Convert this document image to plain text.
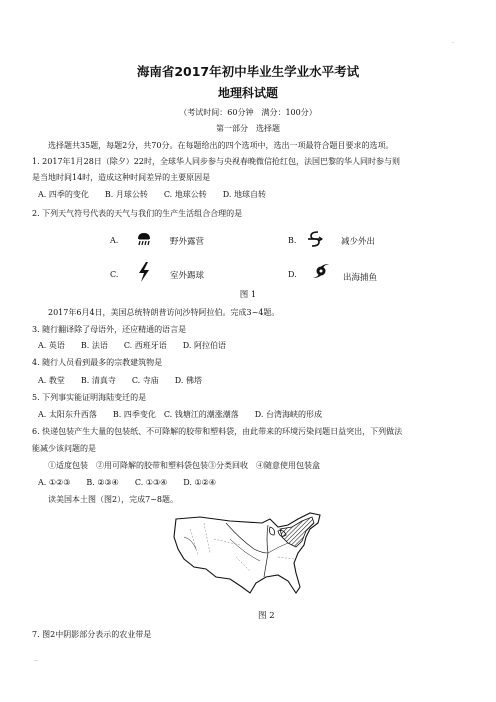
.
海南省2017年初中毕业生学业水平考试
地理科试题
（考试时间：60分钟　满分：100分）
第一部分　选择题
选择题共35题，每题2分，共70分。在每题给出的四个选项中，选出一项最符合题目要求的选项。
1. 2017年1月28日（除夕）22时，全球华人同步参与央视春晚微信抢红包，法国巴黎的华人同时参与则
是当地时间14时，造成这种时间差异的主要原因是
A. 四季的变化　　B. 月球公转　　C. 地球公转　　D. 地球自转
2. 下列天气符号代表的天气与我们的生产生活组合合理的是
A.	野外露营	B.	减少外出
C.	室外踢球	D.	出海捕鱼
图 1
2017年6月4日，美国总统特朗普访问沙特阿拉伯。完成3~4题。
3. 随行翻译除了母语外，还应精通的语言是
A. 英语　　B. 法语　　C. 西班牙语　　D. 阿拉伯语
4. 随行人员看到最多的宗教建筑物是
A. 教堂　　B. 清真寺　　C. 寺庙　　D. 佛塔
5. 下列事实能证明海陆变迁的是
A. 太阳东升西落　　B. 四季变化　C. 钱塘江的潮涨潮落　　D. 台湾海峡的形成
6. 快递包装产生大量的包装纸、不可降解的胶带和塑料袋，由此带来的环境污染问题日益突出，下列做法
能减少该问题的是
①适度包装　②用可降解的胶带和塑料袋包装③分类回收　④随意使用包装盒
A. ①②③　　B. ②③④　　C. ①③④　　D. ①②④
读美国本土图（图2），完成7~8题。
图 2
7. 图2中阴影部分表示的农业带是
..
